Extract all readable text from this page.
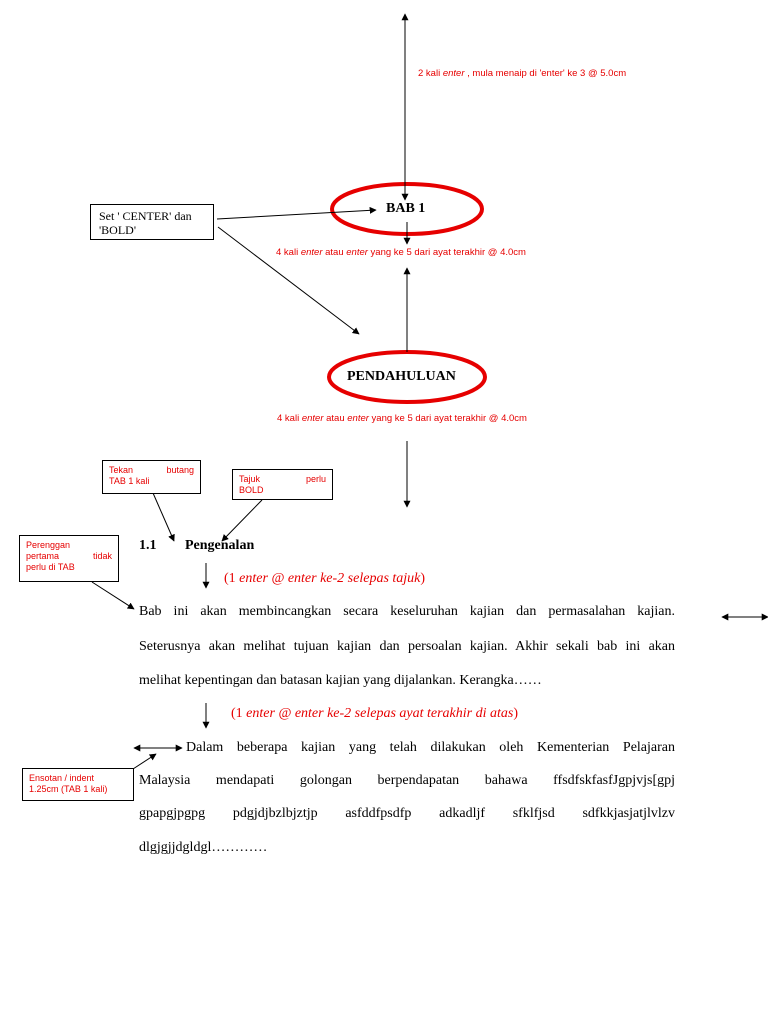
2 kali enter , mula menaip di 'enter' ke 3 @ 5.0cm
4 kali enter atau enter yang ke 5 dari ayat terakhir @ 4.0cm
4 kali enter atau enter yang ke 5 dari ayat terakhir @ 4.0cm
Set ' CENTER' dan
'BOLD'
Tekan butang
TAB 1 kali	Tajuk perlu
BOLD
Perenggan
pertama tidak
perlu di TAB
Ensotan / indent
1.25cm (TAB 1 kali)
BAB 1
PENDAHULUAN
1.1 Pengenalan
(1 enter @ enter ke-2 selepas tajuk)
(1 enter @ enter ke-2 selepas ayat terakhir di atas)
Bab ini akan membincangkan secara keseluruhan kajian dan permasalahan kajian.
Seterusnya akan melihat tujuan kajian dan persoalan kajian. Akhir sekali bab ini akan
melihat kepentingan dan batasan kajian yang dijalankan. Kerangka……
Dalam beberapa kajian yang telah dilakukan oleh Kementerian Pelajaran
Malaysia mendapati golongan berpendapatan bahawa ffsdfskfasfJgpjvjs[gpj
gpapgjpgpg pdgjdjbzlbjztjp asfddfpsdfp adkadljf sfklfjsd sdfkkjasjatjlvlzv
dlgjgjjdgldgl…………
